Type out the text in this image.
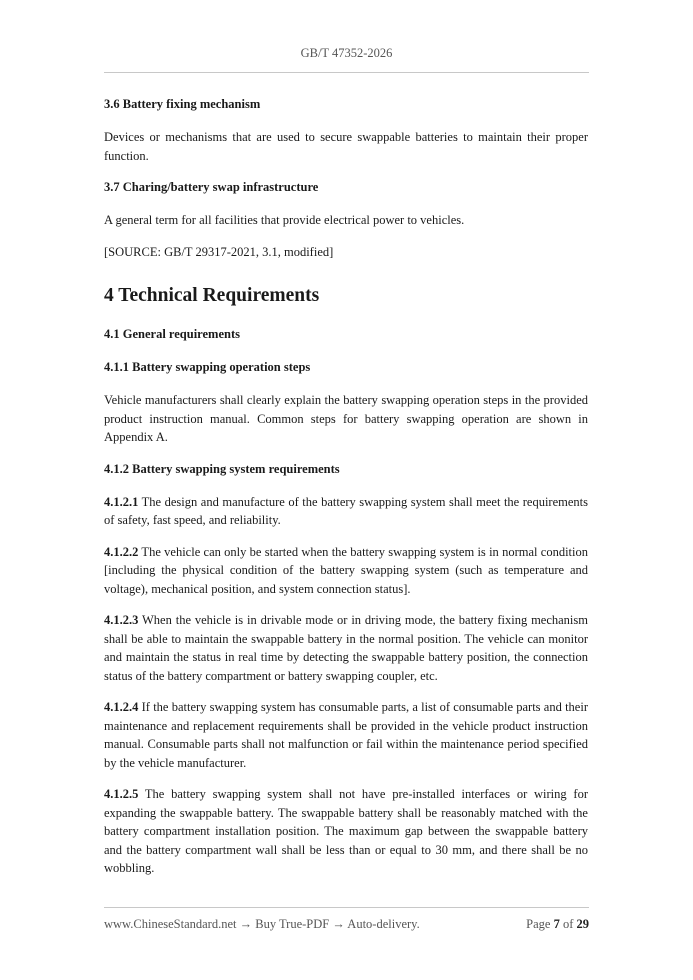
GB/T 47352-2026
3.6 Battery fixing mechanism
Devices or mechanisms that are used to secure swappable batteries to maintain their proper function.
3.7 Charing/battery swap infrastructure
A general term for all facilities that provide electrical power to vehicles.
[SOURCE: GB/T 29317-2021, 3.1, modified]
4 Technical Requirements
4.1 General requirements
4.1.1 Battery swapping operation steps
Vehicle manufacturers shall clearly explain the battery swapping operation steps in the provided product instruction manual. Common steps for battery swapping operation are shown in Appendix A.
4.1.2 Battery swapping system requirements
4.1.2.1 The design and manufacture of the battery swapping system shall meet the requirements of safety, fast speed, and reliability.
4.1.2.2 The vehicle can only be started when the battery swapping system is in normal condition [including the physical condition of the battery swapping system (such as temperature and voltage), mechanical position, and system connection status].
4.1.2.3 When the vehicle is in drivable mode or in driving mode, the battery fixing mechanism shall be able to maintain the swappable battery in the normal position. The vehicle can monitor and maintain the status in real time by detecting the swappable battery position, the connection status of the battery compartment or battery swapping coupler, etc.
4.1.2.4 If the battery swapping system has consumable parts, a list of consumable parts and their maintenance and replacement requirements shall be provided in the vehicle product instruction manual. Consumable parts shall not malfunction or fail within the maintenance period specified by the vehicle manufacturer.
4.1.2.5 The battery swapping system shall not have pre-installed interfaces or wiring for expanding the swappable battery. The swappable battery shall be reasonably matched with the battery compartment installation position. The maximum gap between the swappable battery and the battery compartment wall shall be less than or equal to 30 mm, and there shall be no wobbling.
www.ChineseStandard.net → Buy True-PDF → Auto-delivery.	Page 7 of 29
